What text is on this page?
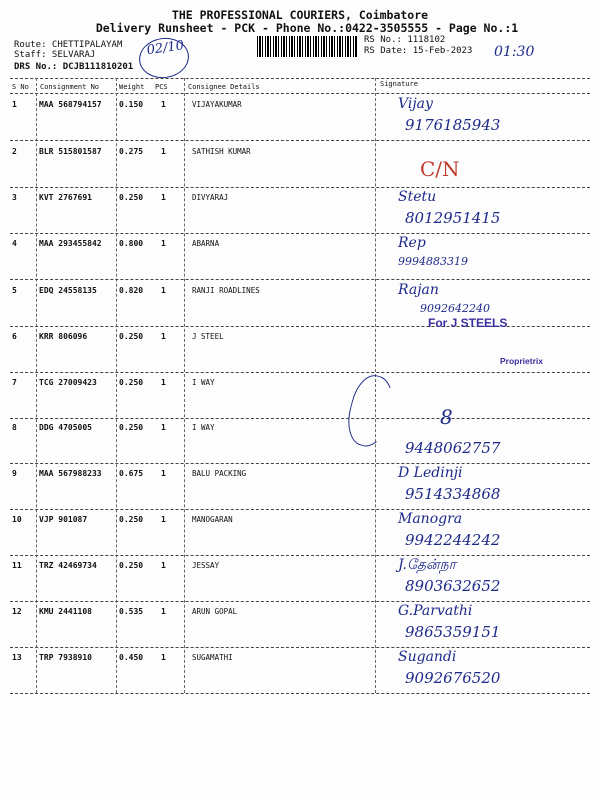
THE PROFESSIONAL COURIERS, Coimbatore
Delivery Runsheet - PCK - Phone No.:0422-3505555 - Page No.:1
Route: CHETTIPALAYAM
Staff: SELVARAJ
DRS No.: DCJB111810201
RS No.: 1118102
RS Date: 15-Feb-2023
02/10	01:30
S No Consignment No	Weight PCS	Consignee Details	Signature
1	MAA 568794157 0.150 1	VIJAYAKUMAR	Vijay
9176185943
2	BLR 515801587 0.275 1	SATHISH KUMAR
C/N
3	KVT 2767691	0.250 1	DIVYARAJ	Stetu
8012951415
4	MAA 293455842 0.800 1	ABARNA	Rep
9994883319
5	EDQ 24558135	0.820 1	RANJI ROADLINES	Rajan
9092642240
6	KRR 806096	0.250 1	J STEEL
For J STEELS
Proprietrix
7	TCG 27009423	0.250 1	I WAY
8	DDG 4705005	0.250 1	I WAY	8
9448062757
9	MAA 567988233 0.675 1	BALU PACKING	D Ledinji
9514334868
10 VJP 901087	0.250 1	MANOGARAN	Manogra
9942244242
11 TRZ 42469734	0.250 1	JESSAY	J.தேன்நா
8903632652
12 KMU 2441108	0.535 1	ARUN GOPAL	G.Parvathi
9865359151
13 TRP 7938910	0.450 1	SUGAMATHI	Sugandi
9092676520
